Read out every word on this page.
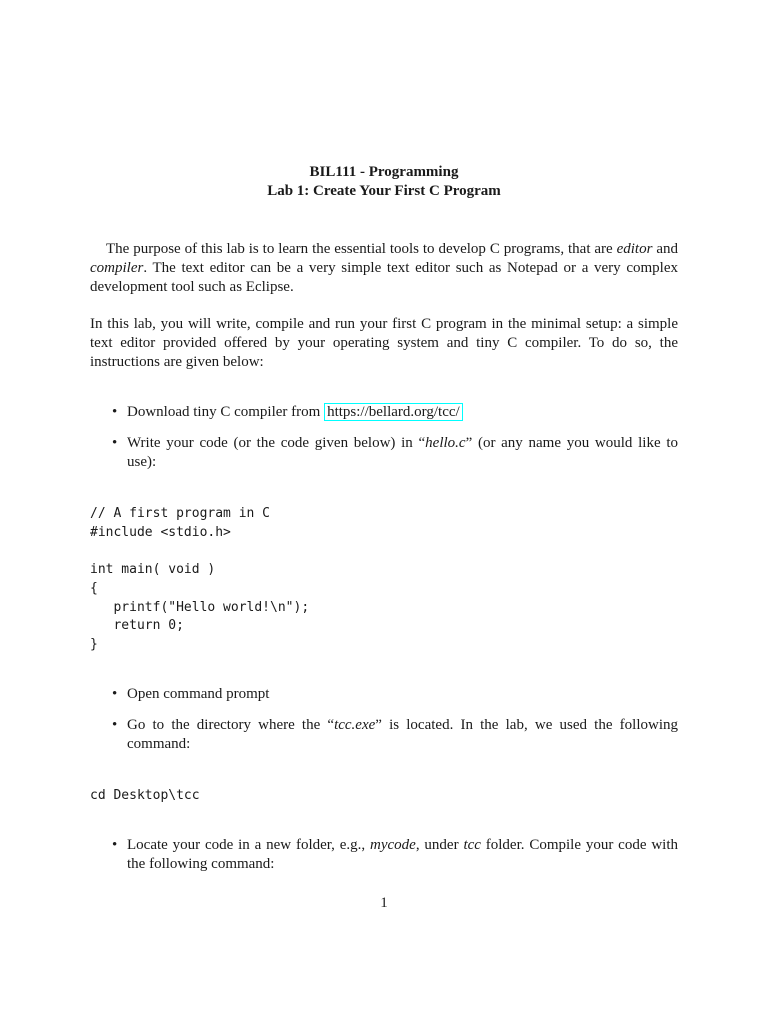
BIL111 - Programming
Lab 1: Create Your First C Program

The purpose of this lab is to learn the essential tools to develop C programs, that are editor and compiler. The text editor can be a very simple text editor such as Notepad or a very complex development tool such as Eclipse.

In this lab, you will write, compile and run your first C program in the minimal setup: a simple text editor provided offered by your operating system and tiny C compiler. To do so, the instructions are given below:

• Download tiny C compiler from https://bellard.org/tcc/

• Write your code (or the code given below) in “hello.c” (or any name you would like to use):

// A first program in C
#include <stdio.h>

int main( void )
{
printf("Hello world!\n");
return 0;
}

• Open command prompt

• Go to the directory where the “tcc.exe” is located. In the lab, we used the following command:

cd Desktop\tcc

• Locate your code in a new folder, e.g., mycode, under tcc folder. Compile your code with the following command:

1
